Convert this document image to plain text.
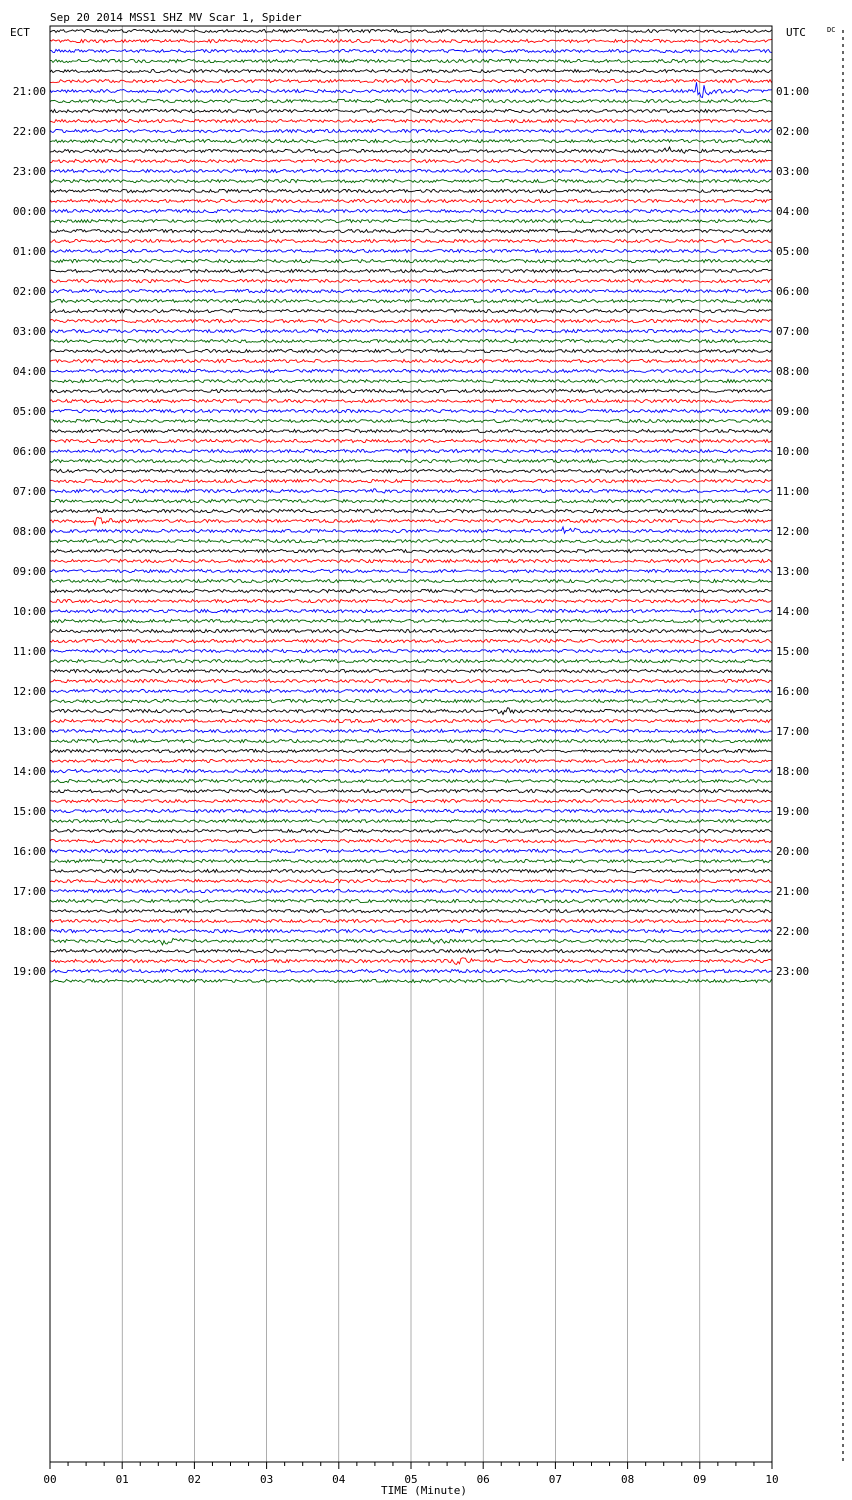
Sep 20 2014 MSS1 SHZ MV Scar 1, Spider
ECT	UTC	DC
TIME (Minute)
00	01	02	03	04	05	06	07	08	09	10
21:00
22:00
23:00
00:00
01:00
02:00
03:00
04:00
05:00
06:00
07:00
08:00
09:00
10:00
11:00
12:00
13:00
14:00
15:00
16:00
17:00
18:00
19:00
01:00
02:00
03:00
04:00
05:00
06:00
07:00
08:00
09:00
10:00
11:00
12:00
13:00
14:00
15:00
16:00
17:00
18:00
19:00
20:00
21:00
22:00
23:00
